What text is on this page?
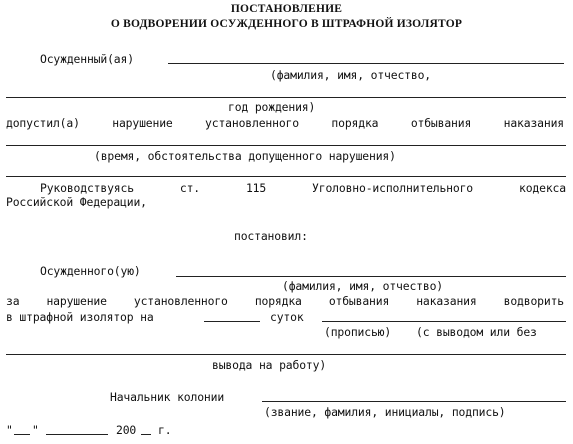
ПОСТАНОВЛЕНИЕ
О ВОДВОРЕНИИ ОСУЖДЕННОГО В ШТРАФНОЙ ИЗОЛЯТОР
Осужденный(ая)
(фамилия, имя, отчество,
год рождения)
допустил(а)	нарушение	установленного	порядка	отбывания	наказания
(время, обстоятельства допущенного нарушения)
Руководствуясь	ст.	115	Уголовно-исполнительного	кодекса
Российской Федерации,
постановил:
Осужденного(ую)
(фамилия, имя, отчество)
за нарушение установленного порядка отбывания наказания водворить
в штрафной изолятор на	суток
(прописью) (с выводом или без
вывода на работу)
Начальник колонии
(звание, фамилия, инициалы, подпись)
" "	200 г.
